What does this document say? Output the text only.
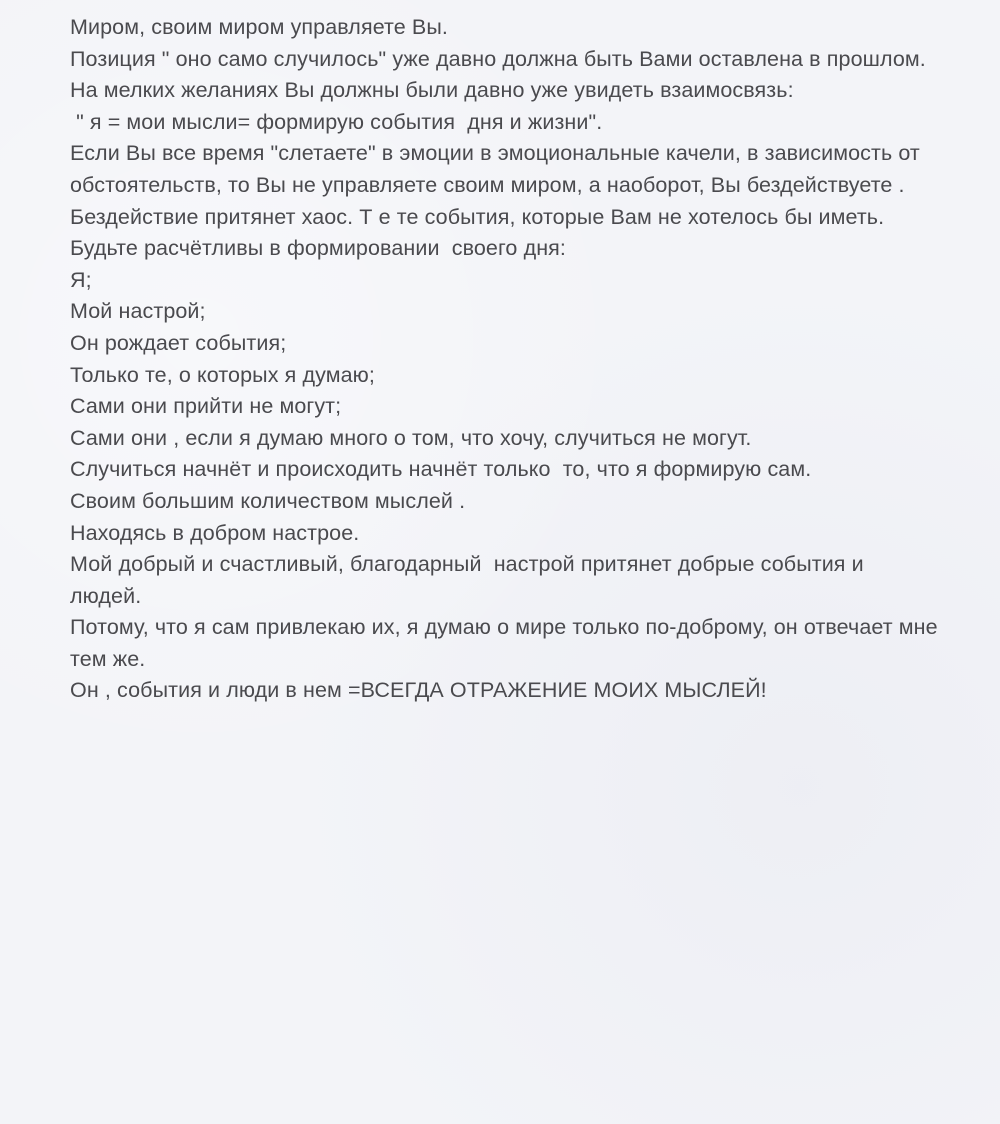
Миром, своим миром управляете Вы.

Позиция " оно само случилось" уже давно должна быть Вами оставлена в прошлом.

На мелких желаниях Вы должны были давно уже увидеть взаимосвязь:

" я = мои мысли= формирую события  дня и жизни".

Если Вы все время "слетаете" в эмоции в эмоциональные качели, в зависимость от обстоятельств, то Вы не управляете своим миром, а наоборот, Вы бездействуете .

Бездействие притянет хаос. Т е те события, которые Вам не хотелось бы иметь.

Будьте расчётливы в формировании  своего дня:

Я;

Мой настрой;

Он рождает события;

Только те, о которых я думаю;

Сами они прийти не могут;

Сами они , если я думаю много о том, что хочу, случиться не могут.

Случиться начнёт и происходить начнёт только  то, что я формирую сам.

Своим большим количеством мыслей .

Находясь в добром настрое.

Мой добрый и счастливый, благодарный  настрой притянет добрые события и людей.

Потому, что я сам привлекаю их, я думаю о мире только по-доброму, он отвечает мне тем же.

Он , события и люди в нем =ВСЕГДА ОТРАЖЕНИЕ МОИХ МЫСЛЕЙ!
